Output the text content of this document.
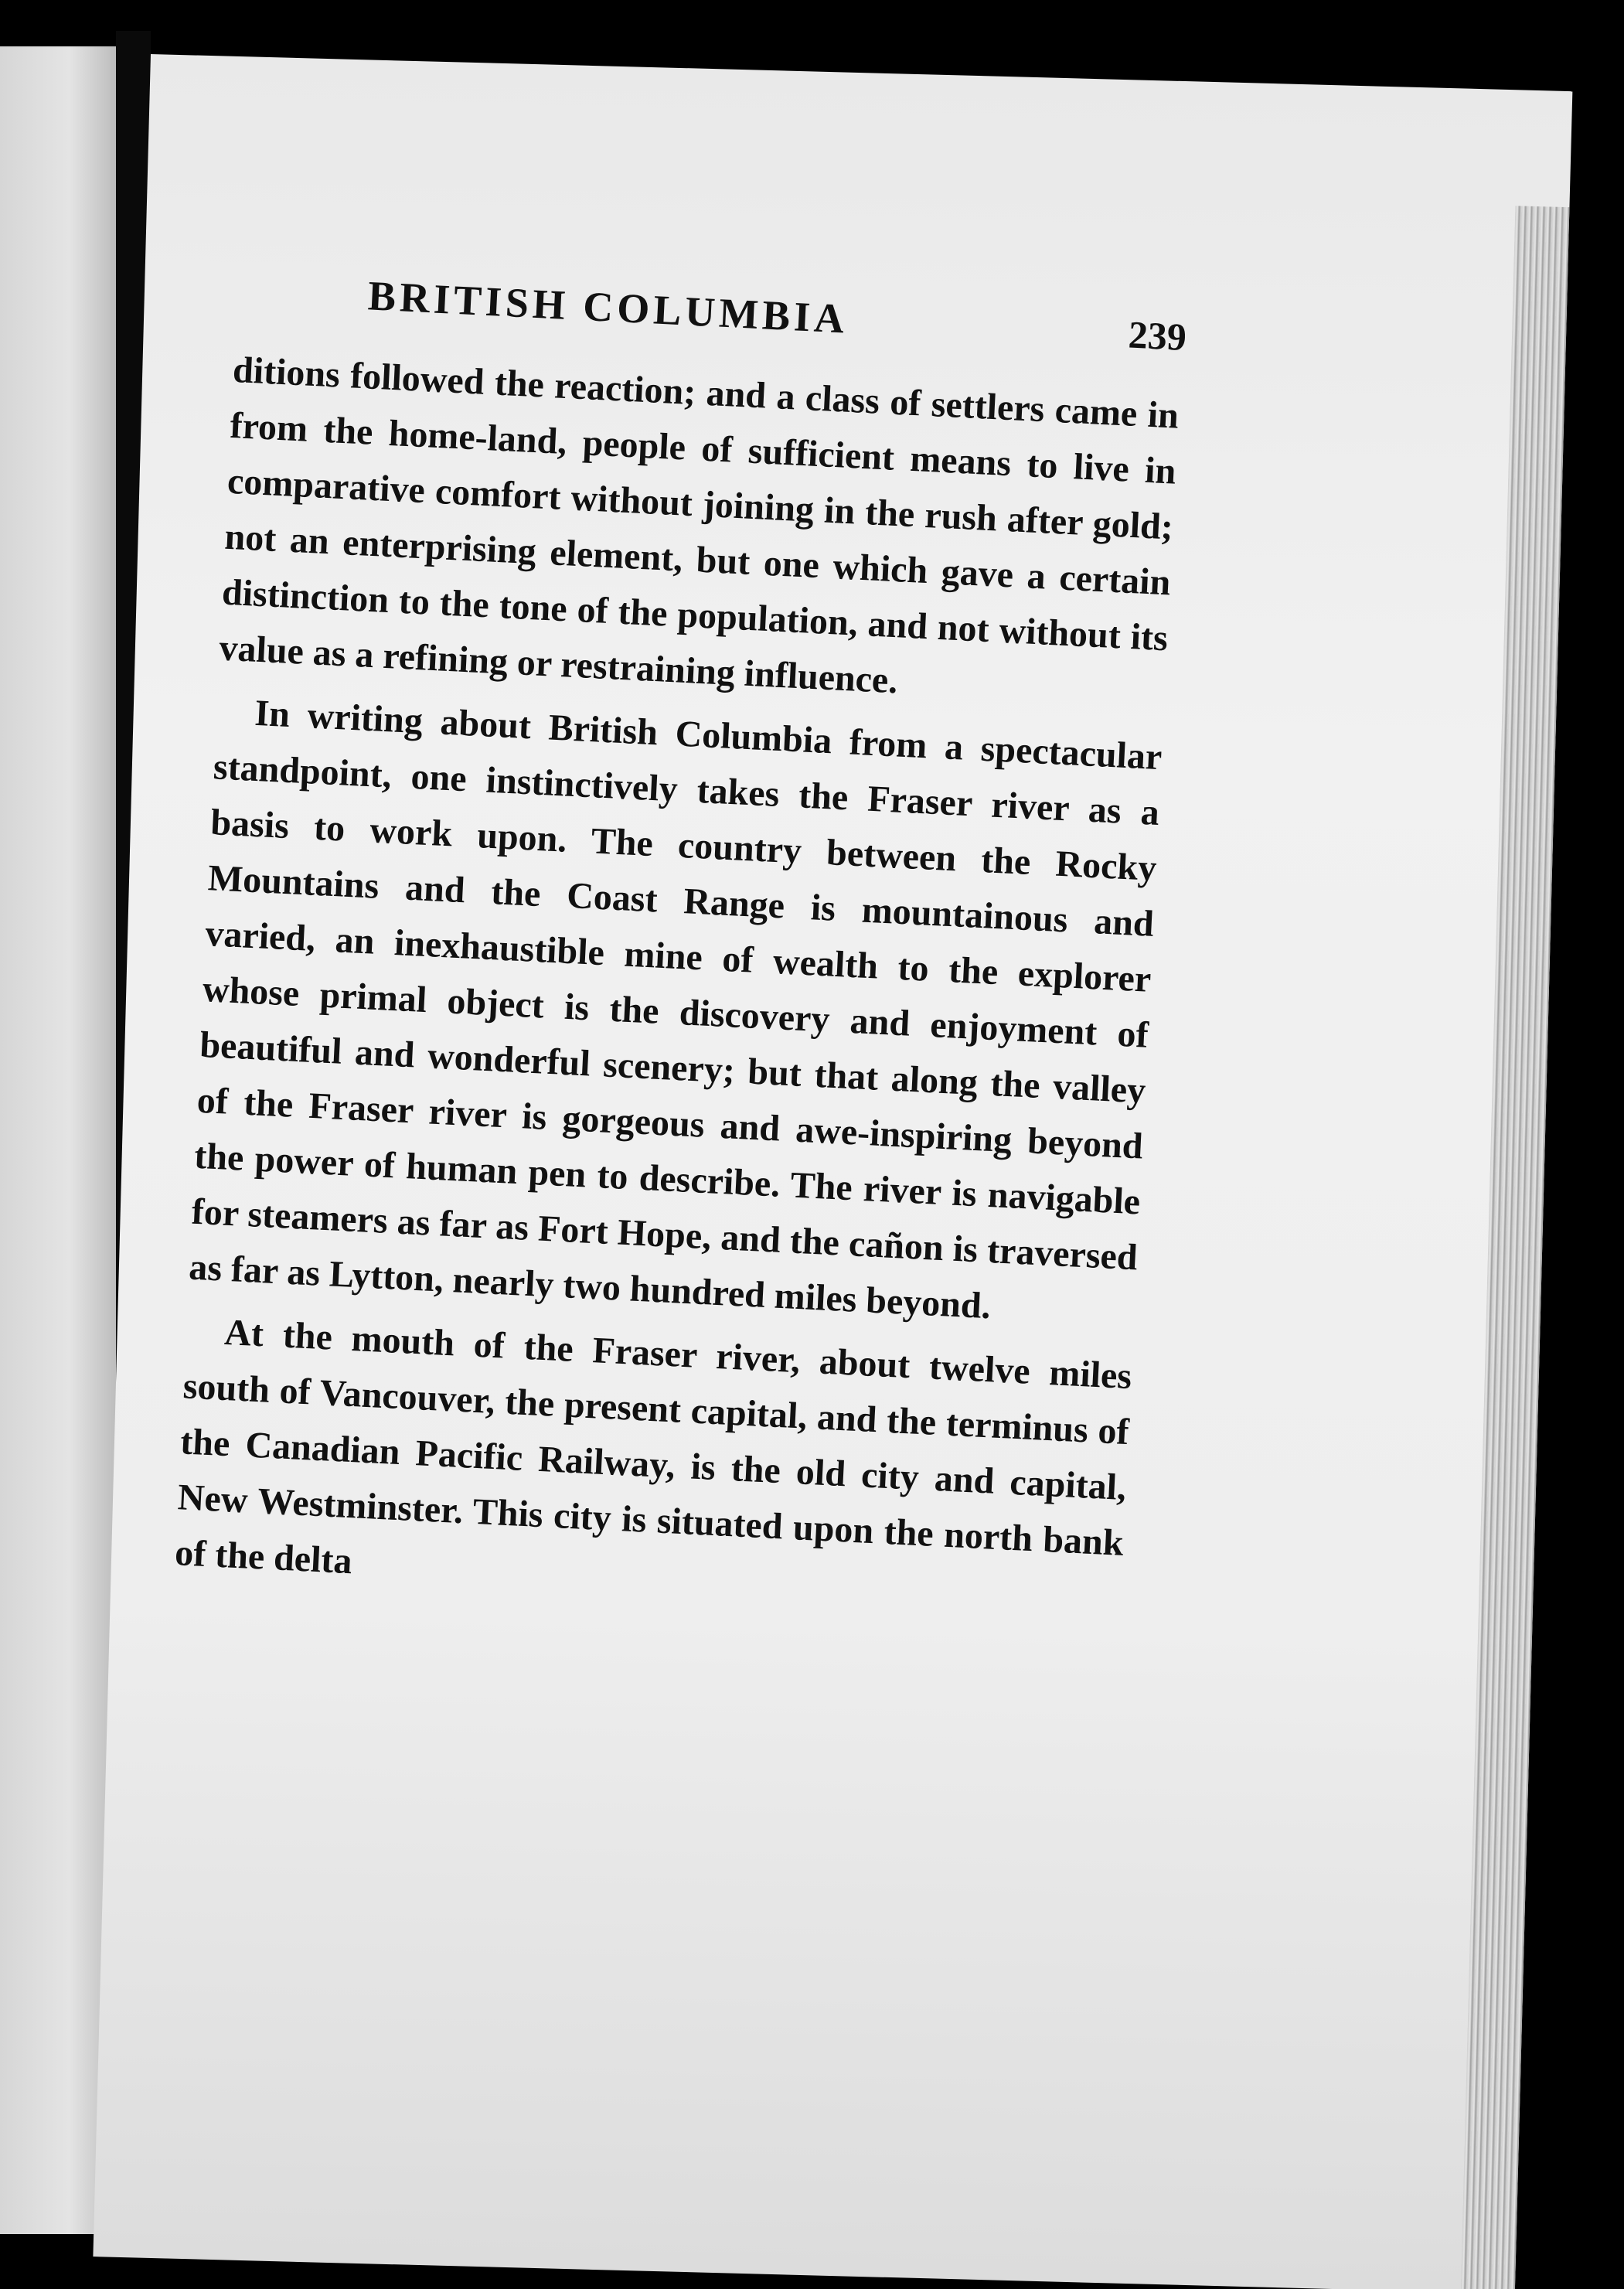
BRITISH COLUMBIA	239

ditions followed the reaction; and a class of settlers came in from the home-land, people of sufficient means to live in comparative comfort without joining in the rush after gold; not an enterprising element, but one which gave a certain distinction to the tone of the population, and not without its value as a refining or restraining influence.

In writing about British Columbia from a spectacular standpoint, one instinctively takes the Fraser river as a basis to work upon. The country between the Rocky Mountains and the Coast Range is mountainous and varied, an inexhaustible mine of wealth to the explorer whose primal object is the discovery and enjoyment of beautiful and wonderful scenery; but that along the valley of the Fraser river is gorgeous and awe-inspiring beyond the power of human pen to describe. The river is navigable for steamers as far as Fort Hope, and the cañon is traversed as far as Lytton, nearly two hundred miles beyond.

At the mouth of the Fraser river, about twelve miles south of Vancouver, the present capital, and the terminus of the Canadian Pacific Railway, is the old city and capital, New Westminster. This city is situated upon the north bank of the delta
